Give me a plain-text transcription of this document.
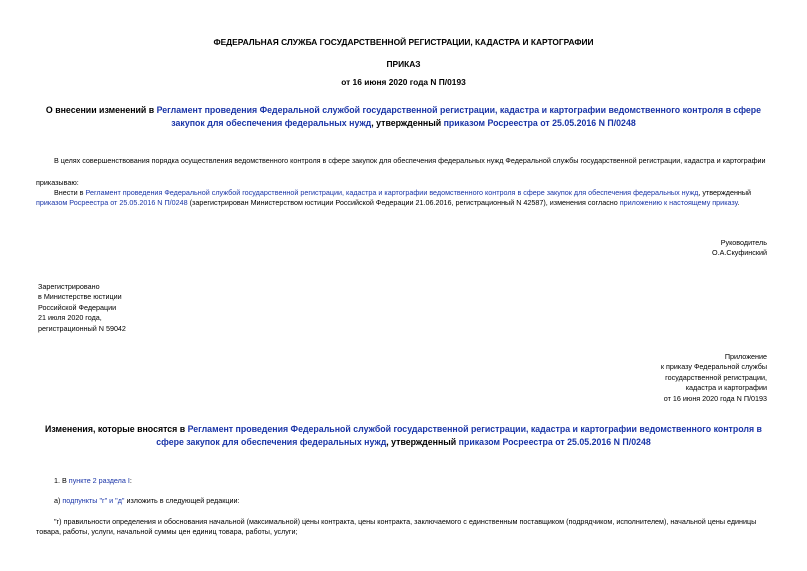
ФЕДЕРАЛЬНАЯ СЛУЖБА ГОСУДАРСТВЕННОЙ РЕГИСТРАЦИИ, КАДАСТРА И КАРТОГРАФИИ
ПРИКАЗ
от 16 июня 2020 года N П/0193
О внесении изменений в Регламент проведения Федеральной службой государственной регистрации, кадастра и картографии ведомственного контроля в сфере закупок для обеспечения федеральных нужд, утвержденный приказом Росреестра от 25.05.2016 N П/0248
В целях совершенствования порядка осуществления ведомственного контроля в сфере закупок для обеспечения федеральных нужд Федеральной службы государственной регистрации, кадастра и картографии
приказываю:
Внести в Регламент проведения Федеральной службой государственной регистрации, кадастра и картографии ведомственного контроля в сфере закупок для обеспечения федеральных нужд, утвержденный приказом Росреестра от 25.05.2016 N П/0248 (зарегистрирован Министерством юстиции Российской Федерации 21.06.2016, регистрационный N 42587), изменения согласно приложению к настоящему приказу.
Руководитель
О.А.Скуфинский
Зарегистрировано
в Министерстве юстиции
Российской Федерации
21 июля 2020 года,
регистрационный N 59042
Приложение
к приказу Федеральной службы
государственной регистрации,
кадастра и картографии
от 16 июня 2020 года N П/0193
Изменения, которые вносятся в Регламент проведения Федеральной службой государственной регистрации, кадастра и картографии ведомственного контроля в сфере закупок для обеспечения федеральных нужд, утвержденный приказом Росреестра от 25.05.2016 N П/0248
1. В пункте 2 раздела I:
а) подпункты "г" и "д" изложить в следующей редакции:
"г) правильности определения и обоснования начальной (максимальной) цены контракта, цены контракта, заключаемого с единственным поставщиком (подрядчиком, исполнителем), начальной цены единицы товара, работы, услуги, начальной суммы цен единиц товара, работы, услуги;
